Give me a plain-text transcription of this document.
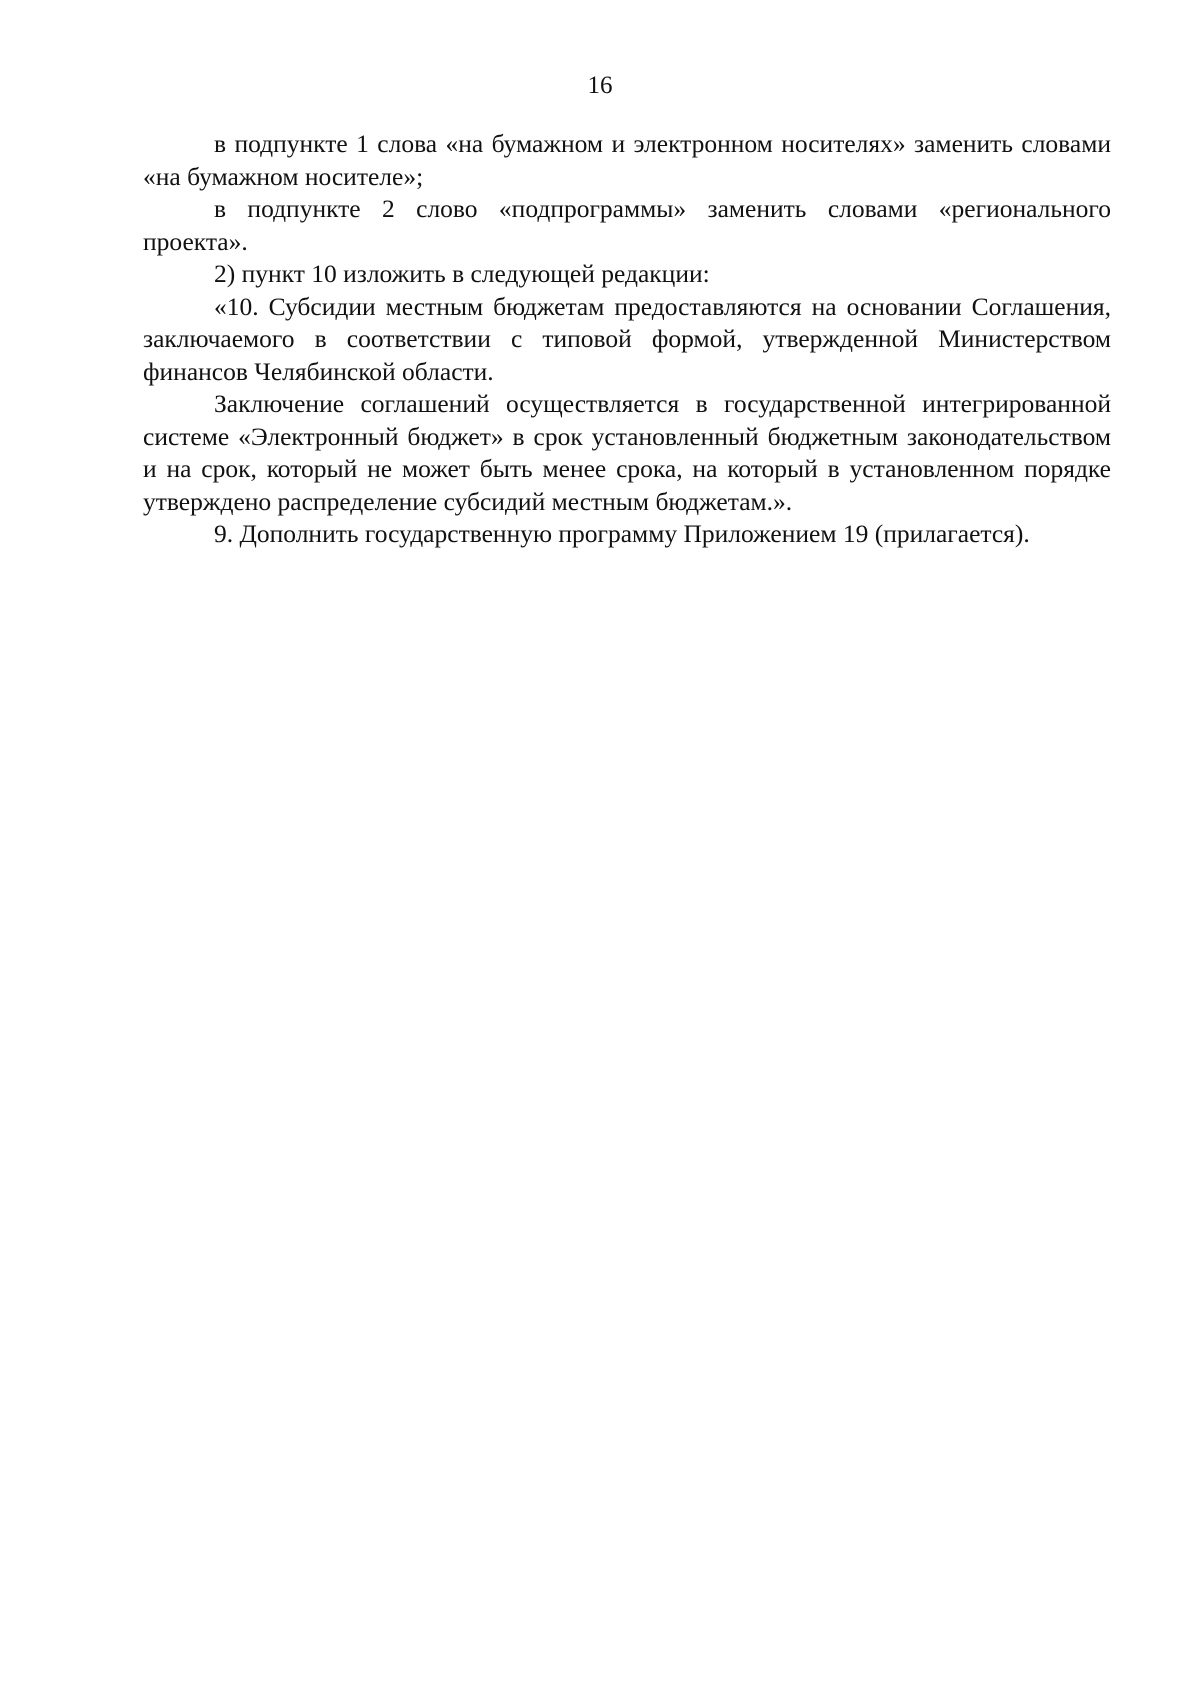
16

в подпункте 1 слова «на бумажном и электронном носителях» заменить словами «на бумажном носителе»;

в подпункте 2 слово «подпрограммы» заменить словами «регионального проекта».

2) пункт 10 изложить в следующей редакции:

«10. Субсидии местным бюджетам предоставляются на основании Соглашения, заключаемого в соответствии с типовой формой, утвержденной Министерством финансов Челябинской области.

Заключение соглашений осуществляется в государственной интегрированной системе «Электронный бюджет» в срок установленный бюджетным законодательством и на срок, который не может быть менее срока, на который в установленном порядке утверждено распределение субсидий местным бюджетам.».

9. Дополнить государственную программу Приложением 19 (прилагается).
